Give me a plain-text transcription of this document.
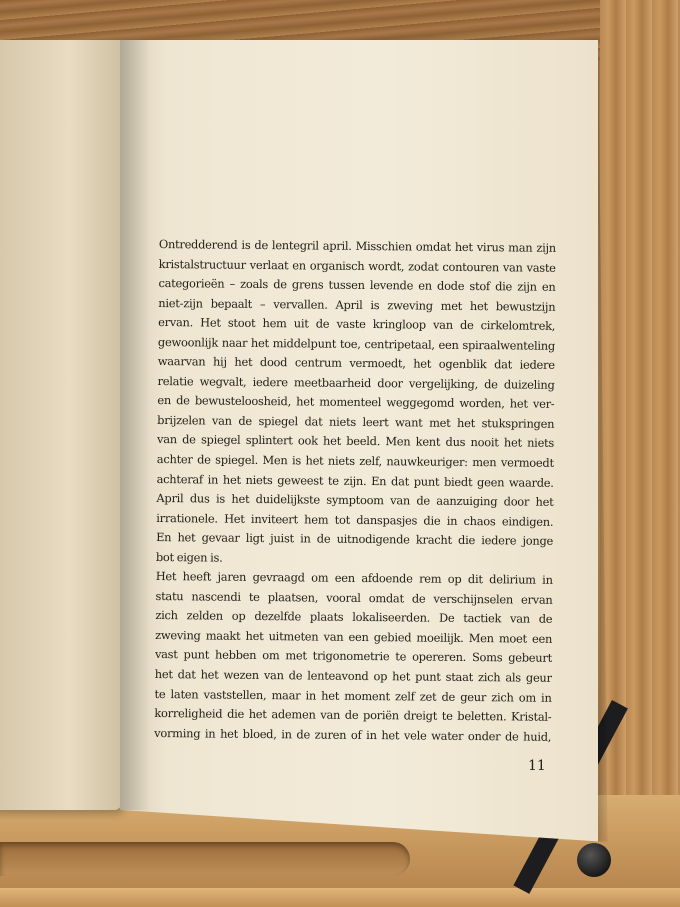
Ontredderend is de lentegril april. Misschien omdat het virus man zijn
kristalstructuur verlaat en organisch wordt, zodat contouren van vaste
categorieën – zoals de grens tussen levende en dode stof die zijn en
niet-zijn bepaalt – vervallen. April is zweving met het bewustzijn
ervan. Het stoot hem uit de vaste kringloop van de cirkelomtrek,
gewoonlijk naar het middelpunt toe, centripetaal, een spiraalwenteling
waarvan hij het dood centrum vermoedt, het ogenblik dat iedere
relatie wegvalt, iedere meetbaarheid door vergelijking, de duizeling
en de bewusteloosheid, het momenteel weggegomd worden, het ver-
brijzelen van de spiegel dat niets leert want met het stukspringen
van de spiegel splintert ook het beeld. Men kent dus nooit het niets
achter de spiegel. Men is het niets zelf, nauwkeuriger: men vermoedt
achteraf in het niets geweest te zijn. En dat punt biedt geen waarde.
April dus is het duidelijkste symptoom van de aanzuiging door het
irrationele. Het inviteert hem tot danspasjes die in chaos eindigen.
En het gevaar ligt juist in de uitnodigende kracht die iedere jonge
bot eigen is.
Het heeft jaren gevraagd om een afdoende rem op dit delirium in
statu nascendi te plaatsen, vooral omdat de verschijnselen ervan
zich zelden op dezelfde plaats lokaliseerden. De tactiek van de
zweving maakt het uitmeten van een gebied moeilijk. Men moet een
vast punt hebben om met trigonometrie te opereren. Soms gebeurt
het dat het wezen van de lenteavond op het punt staat zich als geur
te laten vaststellen, maar in het moment zelf zet de geur zich om in
korreligheid die het ademen van de poriën dreigt te beletten. Kristal-
vorming in het bloed, in de zuren of in het vele water onder de huid,
11
